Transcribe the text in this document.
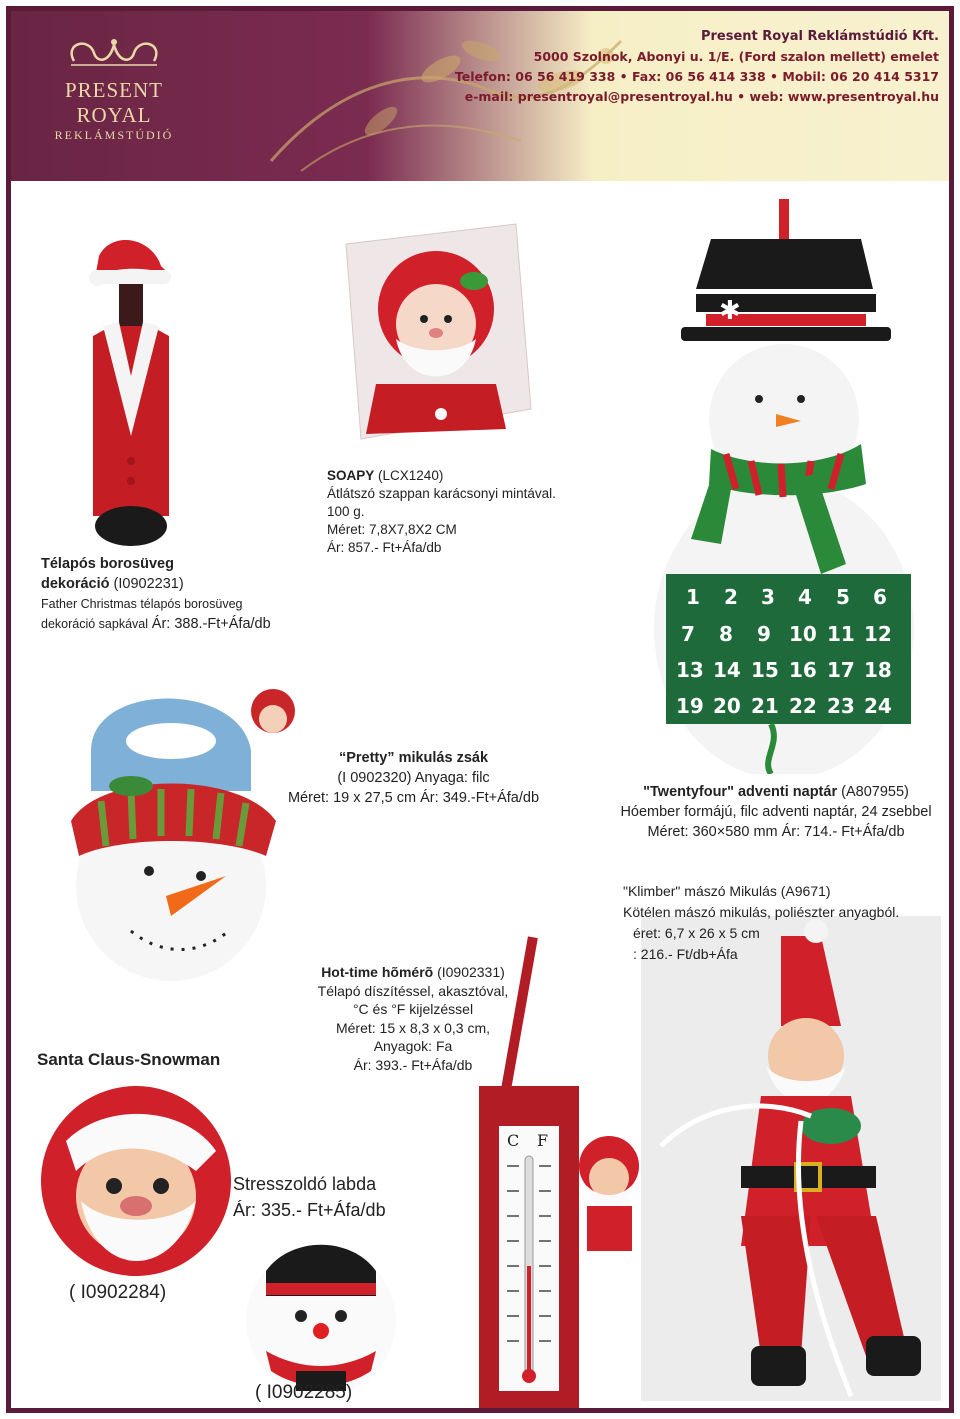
PRESENT ROYAL
REKLÁMSTÚDIÓ
Present Royal Reklámstúdió Kft.
5000 Szolnok, Abonyi u. 1/E. (Ford szalon mellett) emelet
Telefon: 06 56 419 338 • Fax: 06 56 414 338 • Mobil: 06 20 414 5317
e-mail: presentroyal@presentroyal.hu • web: www.presentroyal.hu
✱
1 2 3 4 5 6
7 8 9 10 11 12
13 14 15 16 17 18
19 20 21 22 23 24
C F
SOAPY (LCX1240)
Átlátszó szappan karácsonyi mintával.
100 g.
Méret: 7,8X7,8X2 CM
Ár: 857.- Ft+Áfa/db
Télapós borosüveg
dekoráció (I0902231)
Father Christmas télapós borosüveg
dekoráció sapkával Ár: 388.-Ft+Áfa/db
“Pretty” mikulás zsák
(I 0902320) Anyaga: filc
Méret: 19 x 27,5 cm Ár: 349.-Ft+Áfa/db	"Twentyfour" adventi naptár (A807955)
Hóember formájú, filc adventi naptár, 24 zsebbel
Méret: 360×580 mm Ár: 714.- Ft+Áfa/db
"Klimber" mászó Mikulás (A9671)
Kötélen mászó mikulás, poliészter anyagból.
éret: 6,7 x 26 x 5 cm
: 216.- Ft/db+Áfa
Hot-time hõmérõ (I0902331)
Télapó díszítéssel, akasztóval,
°C és °F kijelzéssel
Méret: 15 x 8,3 x 0,3 cm,
Anyagok: Fa
Ár: 393.- Ft+Áfa/db
Santa Claus-Snowman
Stresszoldó labda
Ár: 335.- Ft+Áfa/db
( I0902284)
( I0902285)
